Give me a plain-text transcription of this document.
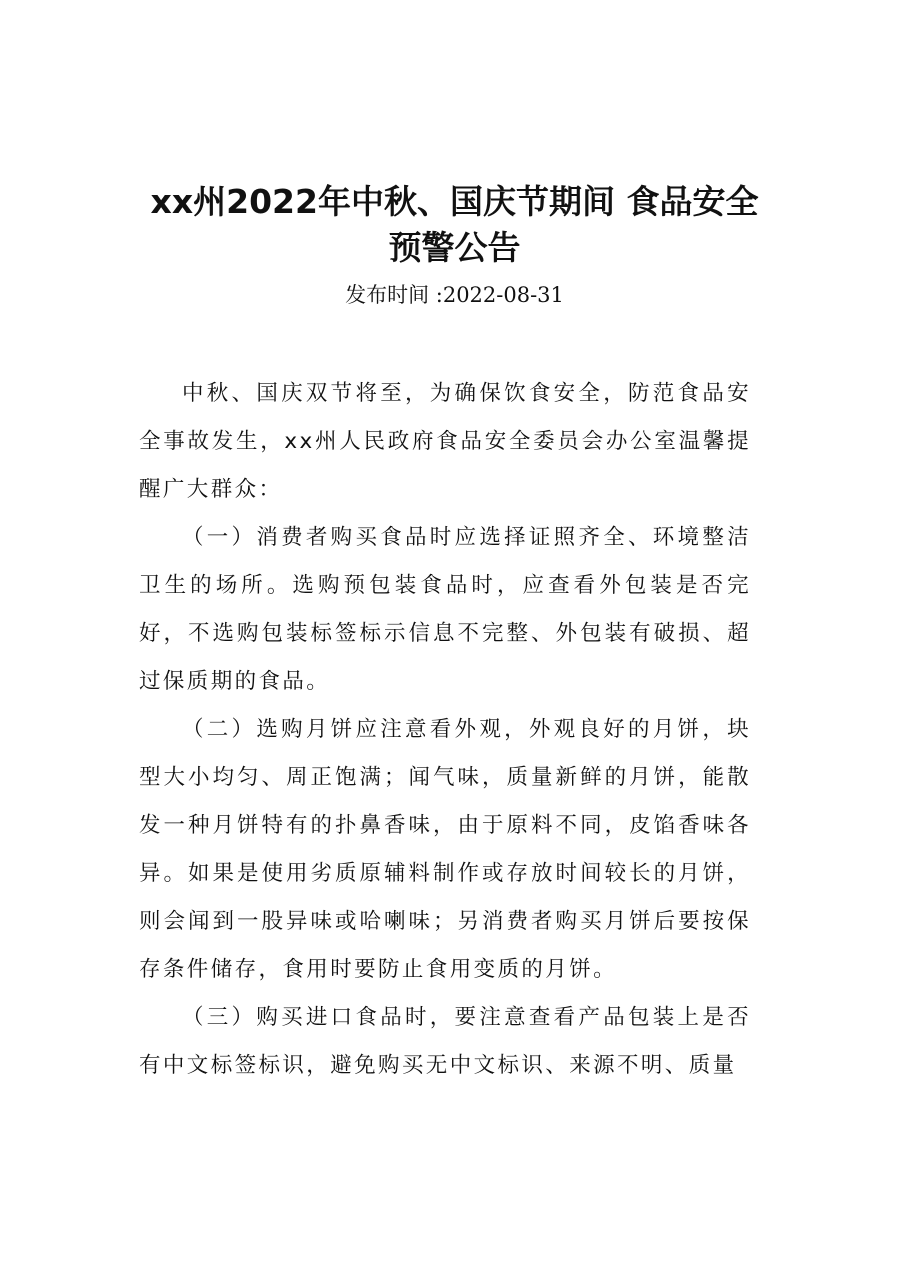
xx州2022年中秋、国庆节期间 食品安全
预警公告
发布时间 :2022-08-31

中秋、国庆双节将至，为确保饮食安全，防范食品安全事故发生，xx州人民政府食品安全委员会办公室温馨提醒广大群众：

（一）消费者购买食品时应选择证照齐全、环境整洁卫生的场所。选购预包装食品时，应查看外包装是否完好，不选购包装标签标示信息不完整、外包装有破损、超过保质期的食品。

（二）选购月饼应注意看外观，外观良好的月饼，块型大小均匀、周正饱满；闻气味，质量新鲜的月饼，能散发一种月饼特有的扑鼻香味，由于原料不同，皮馅香味各异。如果是使用劣质原辅料制作或存放时间较长的月饼，则会闻到一股异味或哈喇味；另消费者购买月饼后要按保存条件储存，食用时要防止食用变质的月饼。

（三）购买进口食品时，要注意查看产品包装上是否有中文标签标识，避免购买无中文标识、来源不明、质量
